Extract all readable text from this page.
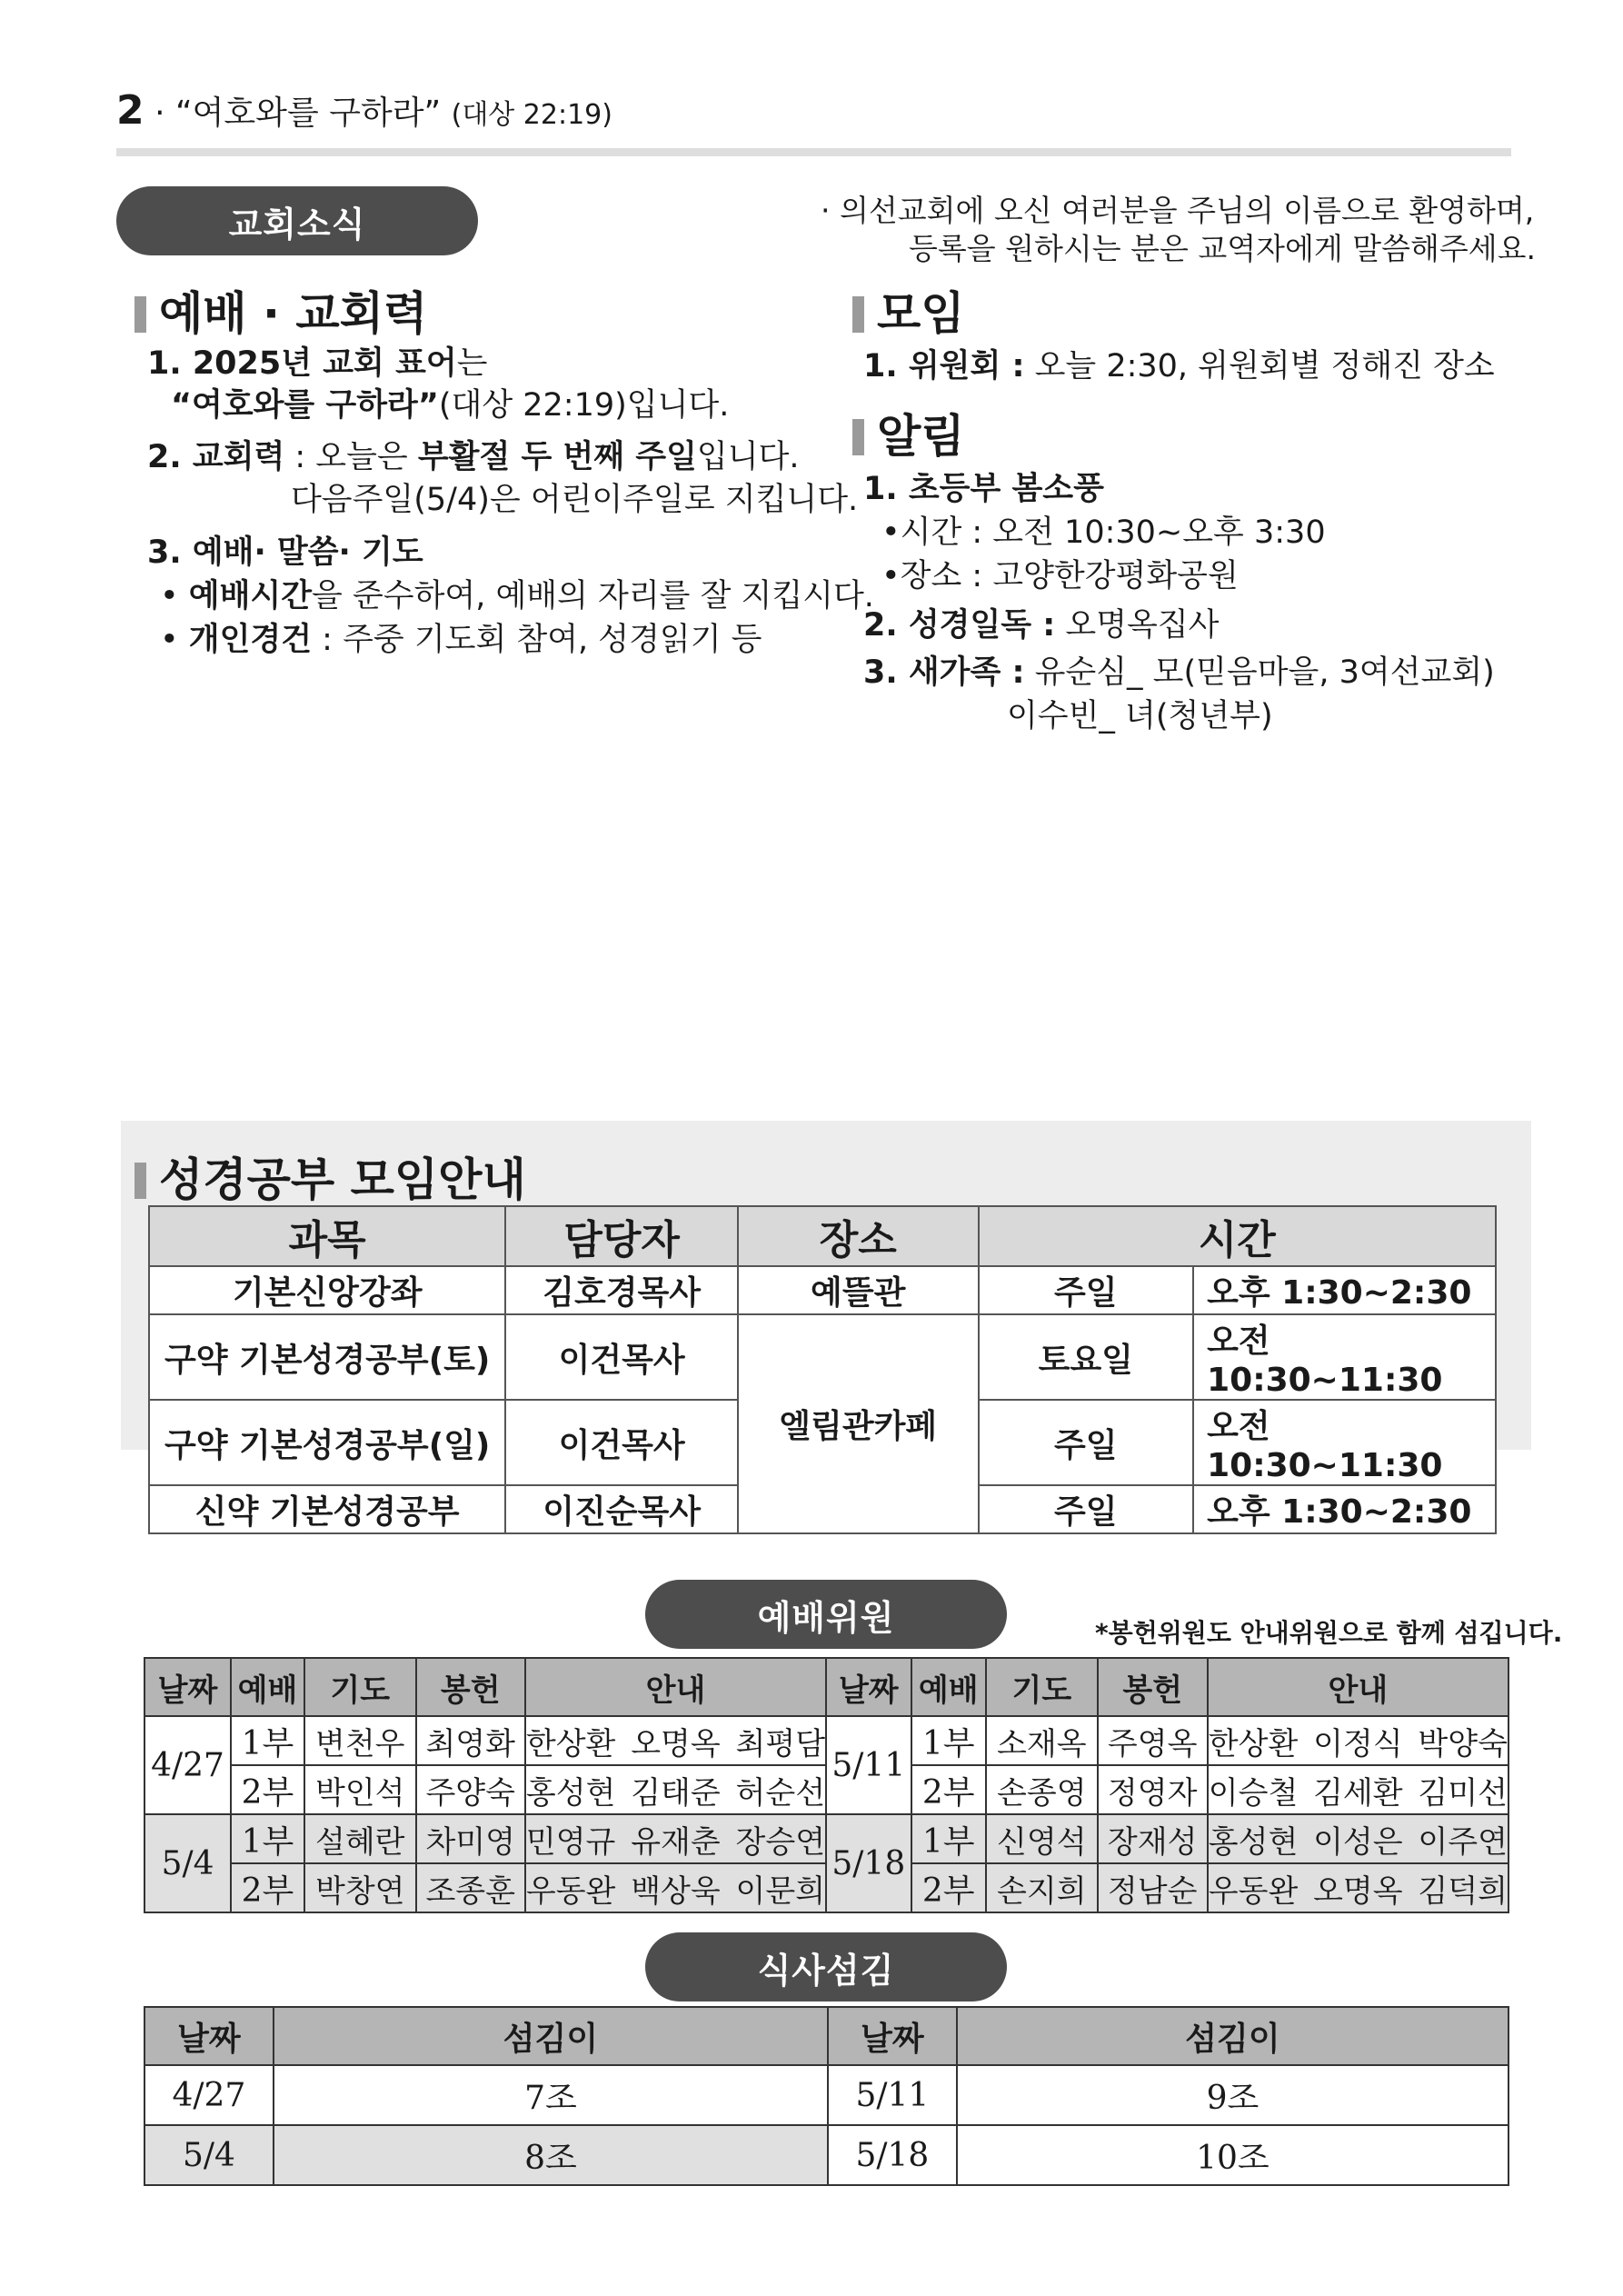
2 · “여호와를 구하라” (대상 22:19)
교회소식
예배 · 교회력
1. 2025년 교회 표어는
“여호와를 구하라”(대상 22:19)입니다.
2. 교회력 : 오늘은 부활절 두 번째 주일입니다.
다음주일(5/4)은 어린이주일로 지킵니다.
3. 예배· 말씀· 기도
• 예배시간을 준수하여, 예배의 자리를 잘 지킵시다.
• 개인경건 : 주중 기도회 참여, 성경읽기 등
· 의선교회에 오신 여러분을 주님의 이름으로 환영하며,
등록을 원하시는 분은 교역자에게 말씀해주세요.
모임
1. 위원회 : 오늘 2:30, 위원회별 정해진 장소
알림
1. 초등부 봄소풍
•시간 : 오전 10:30~오후 3:30
•장소 : 고양한강평화공원
2. 성경일독 : 오명옥집사
3. 새가족 : 유순심_ 모(믿음마을, 3여선교회)
이수빈_ 녀(청년부)
성경공부 모임안내
과목	담당자	장소	시간	
기본신앙강좌	김호경목사	예뜰관	주일	오후 1:30~2:30
구약 기본성경공부(토)	이건목사	엘림관카페	토요일	오전 10:30~11:30
구약 기본성경공부(일)	이건목사		주일	오전 10:30~11:30
신약 기본성경공부	이진순목사		주일	오후 1:30~2:30
예배위원	*봉헌위원도 안내위원으로 함께 섬깁니다.
날짜	예배	기도	봉헌	안내	날짜	예배	기도	봉헌	안내
4/27	1부	변천우	최영화	한상환 오명옥 최평담	5/11	1부	소재옥	주영옥	한상환 이정식 박양숙
	2부	박인석	주양숙	홍성현 김태준 허순선		2부	손종영	정영자	이승철 김세환 김미선
5/4	1부	설혜란	차미영	민영규 유재춘 장승연	5/18	1부	신영석	장재성	홍성현 이성은 이주연
	2부	박창연	조종훈	우동완 백상욱 이문희		2부	손지희	정남순	우동완 오명옥 김덕희
식사섬김
날짜	섬김이	날짜	섬김이
4/27	7조	5/11	9조
5/4	8조	5/18	10조
